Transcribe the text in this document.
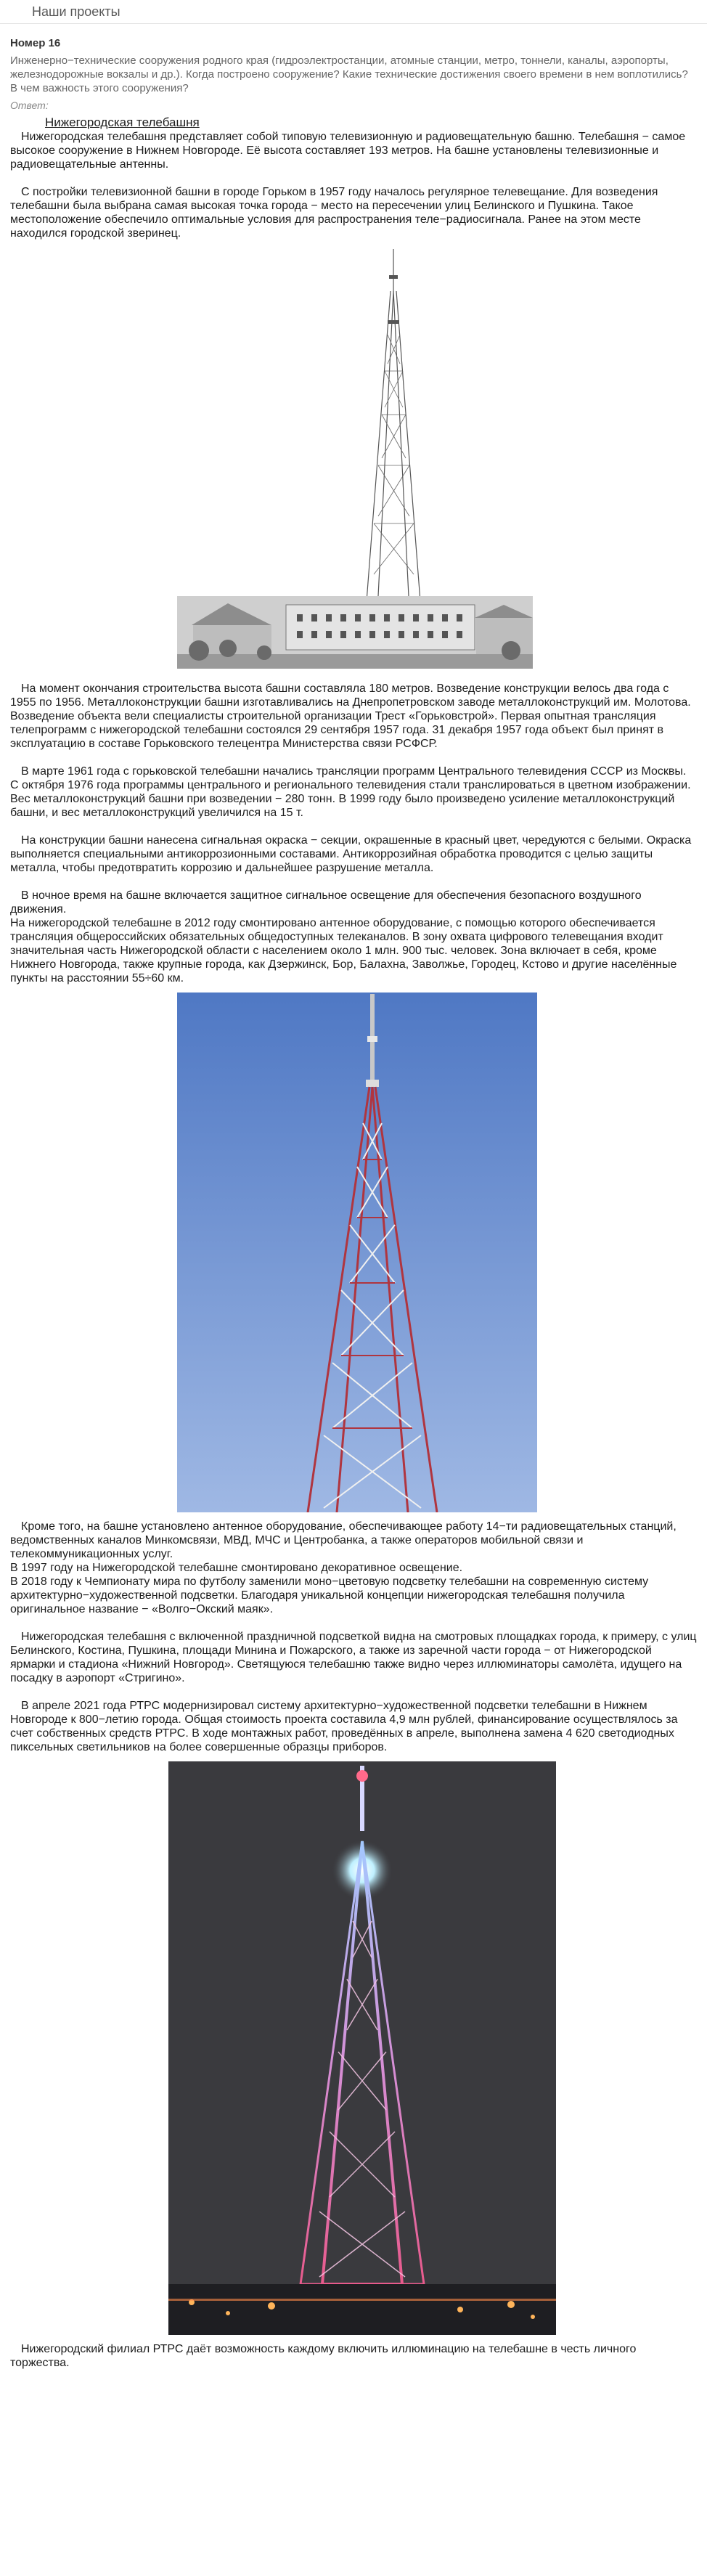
Наши проекты
Номер 16
Инженерно−технические сооружения родного края (гидроэлектростанции, атомные станции, метро, тоннели, каналы, аэропорты, железнодорожные вокзалы и др.). Когда построено сооружение? Какие технические достижения своего времени в нем воплотились? В чем важность этого сооружения?
Ответ:
Нижегородская телебашня

Нижегородская телебашня представляет собой типовую телевизионную и радиовещательную башню. Телебашня − самое высокое сооружение в Нижнем Новгороде. Её высота составляет 193 метров. На башне установлены телевизионные и радиовещательные антенны.

С постройки телевизионной башни в городе Горьком в 1957 году началось регулярное телевещание. Для возведения телебашни была выбрана самая высокая точка города − место на пересечении улиц Белинского и Пушкина. Такое местоположение обеспечило оптимальные условия для распространения теле−радиосигнала. Ранее на этом месте находился городской зверинец.

На момент окончания строительства высота башни составляла 180 метров. Возведение конструкции велось два года с 1955 по 1956. Металлоконструкции башни изготавливались на Днепропетровском заводе металлоконструкций им. Молотова. Возведение объекта вели специалисты строительной организации Трест «Горьковстрой». Первая опытная трансляция телепрограмм с нижегородской телебашни состоялся 29 сентября 1957 года. 31 декабря 1957 года объект был принят в эксплуатацию в составе Горьковского телецентра Министерства связи РСФСР.

В марте 1961 года с горьковской телебашни начались трансляции программ Центрального телевидения СССР из Москвы. С октября 1976 года программы центрального и регионального телевидения стали транслироваться в цветном изображении.

Вес металлоконструкций башни при возведении − 280 тонн. В 1999 году было произведено усиление металлоконструкций башни, и вес металлоконструкций увеличился на 15 т.

На конструкции башни нанесена сигнальная окраска − секции, окрашенные в красный цвет, чередуются с белыми. Окраска выполняется специальными антикоррозионными составами. Антикоррозийная обработка проводится с целью защиты металла, чтобы предотвратить коррозию и дальнейшее разрушение металла.

В ночное время на башне включается защитное сигнальное освещение для обеспечения безопасного воздушного движения.

На нижегородской телебашне в 2012 году смонтировано антенное оборудование, с помощью которого обеспечивается трансляция общероссийских обязательных общедоступных телеканалов. В зону охвата цифрового телевещания входит значительная часть Нижегородской области с населением около 1 млн. 900 тыс. человек. Зона включает в себя, кроме Нижнего Новгорода, также крупные города, как Дзержинск, Бор, Балахна, Заволжье, Городец, Кстово и другие населённые пункты на расстоянии 55÷60 км.

Кроме того, на башне установлено антенное оборудование, обеспечивающее работу 14−ти радиовещательных станций, ведомственных каналов Минкомсвязи, МВД, МЧС и Центробанка, а также операторов мобильной связи и телекоммуникационных услуг.

В 1997 году на Нижегородской телебашне смонтировано декоративное освещение.

В 2018 году к Чемпионату мира по футболу заменили моно−цветовую подсветку телебашни на современную систему архитектурно−художественной подсветки. Благодаря уникальной концепции нижегородская телебашня получила оригинальное название − «Волго−Окский маяк».

Нижегородская телебашня с включенной праздничной подсветкой видна на смотровых площадках города, к примеру, с улиц Белинского, Костина, Пушкина, площади Минина и Пожарского, а также из заречной части города − от Нижегородской ярмарки и стадиона «Нижний Новгород». Светящуюся телебашню также видно через иллюминаторы самолёта, идущего на посадку в аэропорт «Стригино».

В апреле 2021 года РТРС модернизировал систему архитектурно−художественной подсветки телебашни в Нижнем Новгороде к 800−летию города. Общая стоимость проекта составила 4,9 млн рублей, финансирование осуществлялось за счет собственных средств РТРС. В ходе монтажных работ, проведённых в апреле, выполнена замена 4 620 светодиодных пиксельных светильников на более совершенные образцы приборов.

Нижегородский филиал РТРС даёт возможность каждому включить иллюминацию на телебашне в честь личного торжества.
